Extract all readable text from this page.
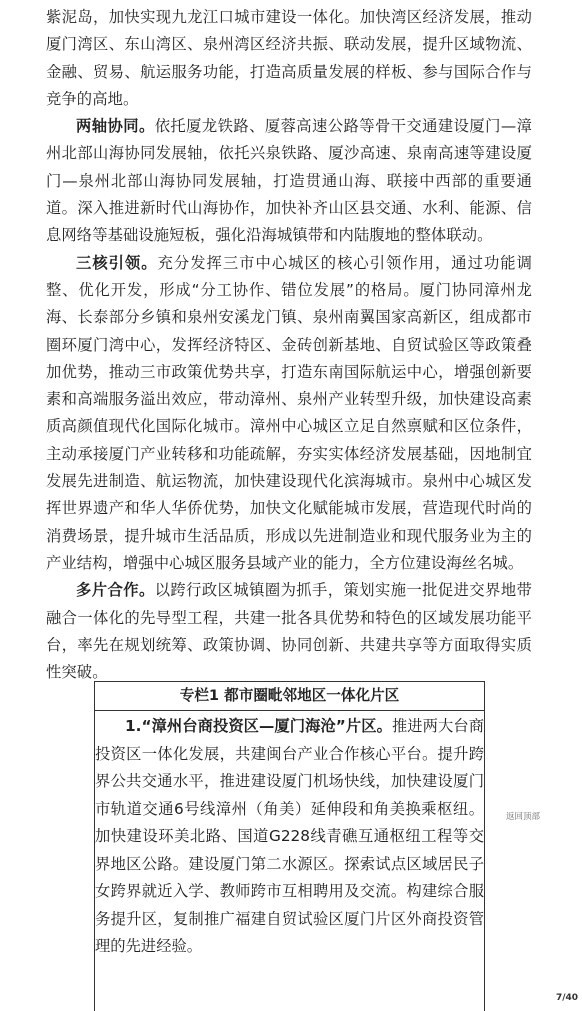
紫泥岛，加快实现九龙江口城市建设一体化。加快湾区经济发展，推动厦门湾区、东山湾区、泉州湾区经济共振、联动发展，提升区域物流、金融、贸易、航运服务功能，打造高质量发展的样板、参与国际合作与竞争的高地。

两轴协同。依托厦龙铁路、厦蓉高速公路等骨干交通建设厦门—漳州北部山海协同发展轴，依托兴泉铁路、厦沙高速、泉南高速等建设厦门—泉州北部山海协同发展轴，打造贯通山海、联接中西部的重要通道。深入推进新时代山海协作，加快补齐山区县交通、水利、能源、信息网络等基础设施短板，强化沿海城镇带和内陆腹地的整体联动。

三核引领。充分发挥三市中心城区的核心引领作用，通过功能调整、优化开发，形成“分工协作、错位发展”的格局。厦门协同漳州龙海、长泰部分乡镇和泉州安溪龙门镇、泉州南翼国家高新区，组成都市圈环厦门湾中心，发挥经济特区、金砖创新基地、自贸试验区等政策叠加优势，推动三市政策优势共享，打造东南国际航运中心，增强创新要素和高端服务溢出效应，带动漳州、泉州产业转型升级，加快建设高素质高颜值现代化国际化城市。漳州中心城区立足自然禀赋和区位条件，主动承接厦门产业转移和功能疏解，夯实实体经济发展基础，因地制宜发展先进制造、航运物流，加快建设现代化滨海城市。泉州中心城区发挥世界遗产和华人华侨优势，加快文化赋能城市发展，营造现代时尚的消费场景，提升城市生活品质，形成以先进制造业和现代服务业为主的产业结构，增强中心城区服务县域产业的能力，全方位建设海丝名城。

多片合作。以跨行政区城镇圈为抓手，策划实施一批促进交界地带融合一体化的先导型工程，共建一批各具优势和特色的区域发展功能平台，率先在规划统筹、政策协调、协同创新、共建共享等方面取得实质性突破。

专栏1 都市圈毗邻地区一体化片区

1.“漳州台商投资区—厦门海沧”片区。推进两大台商投资区一体化发展，共建闽台产业合作核心平台。提升跨界公共交通水平，推进建设厦门机场快线，加快建设厦门市轨道交通6号线漳州（角美）延伸段和角美换乘枢纽。加快建设环美北路、国道G228线青礁互通枢纽工程等交界地区公路。建设厦门第二水源区。探索试点区域居民子女跨界就近入学、教师跨市互相聘用及交流。构建综合服务提升区，复制推广福建自贸试验区厦门片区外商投资管理的先进经验。

返回顶部
7/40
